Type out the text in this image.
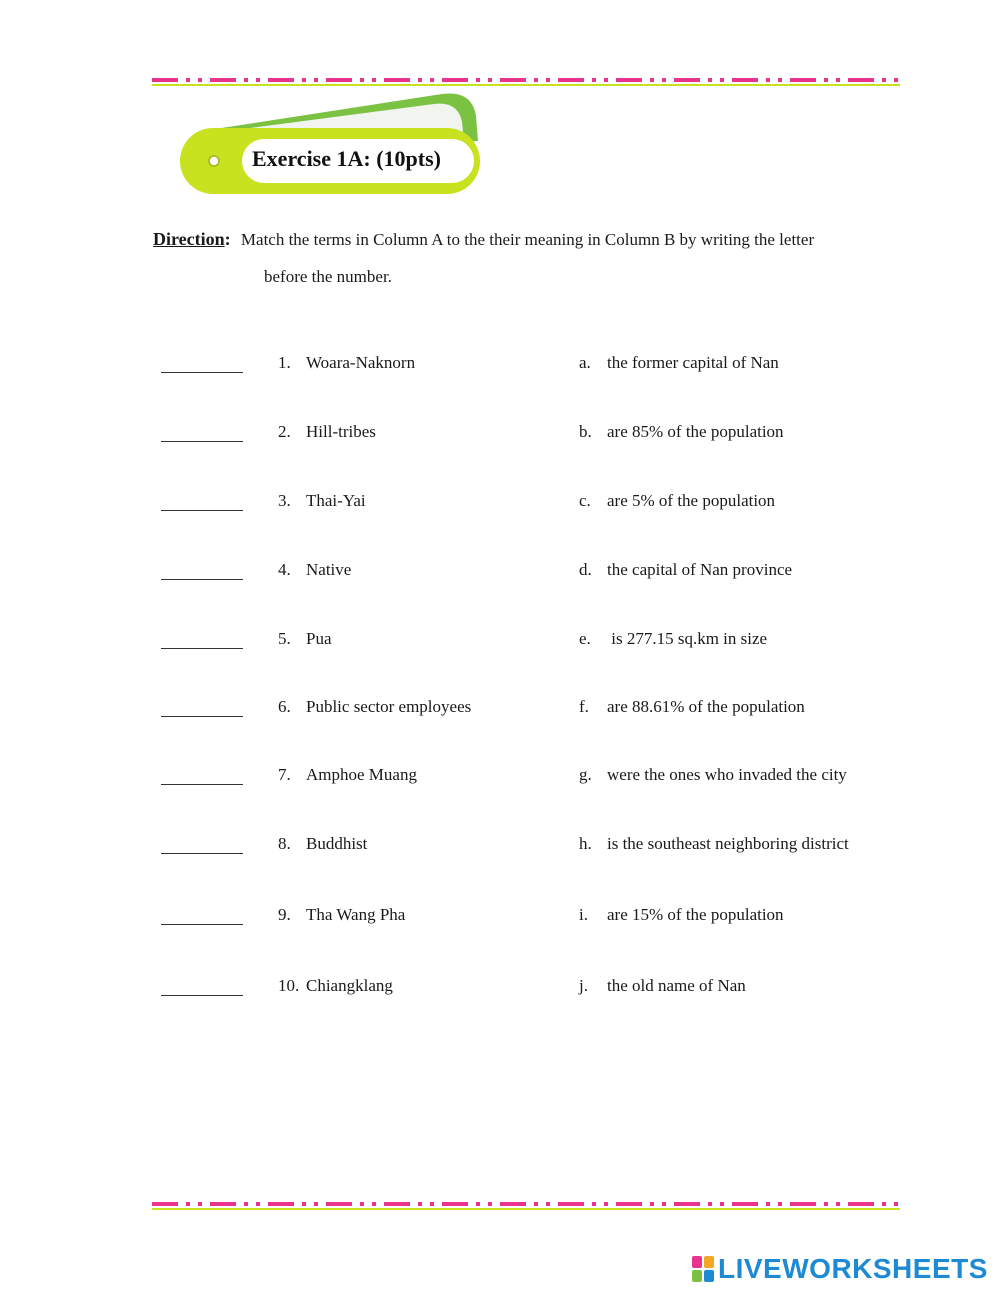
Exercise 1A: (10pts)
Direction: Match the terms in Column A to the their meaning in Column B by writing the letter
before the number.
1. Woara-Naknorn	a. the former capital of Nan
2. Hill-tribes	b. are 85% of the population
3. Thai-Yai	c. are 5% of the population
4. Native	d. the capital of Nan province
5. Pua	e. is 277.15 sq.km in size
6. Public sector employees	f. are 88.61% of the population
7. Amphoe Muang	g. were the ones who invaded the city
8. Buddhist	h. is the southeast neighboring district
9. Tha Wang Pha	i. are 15% of the population
10. Chiangklang	j. the old name of Nan
LIVEWORKSHEETS
